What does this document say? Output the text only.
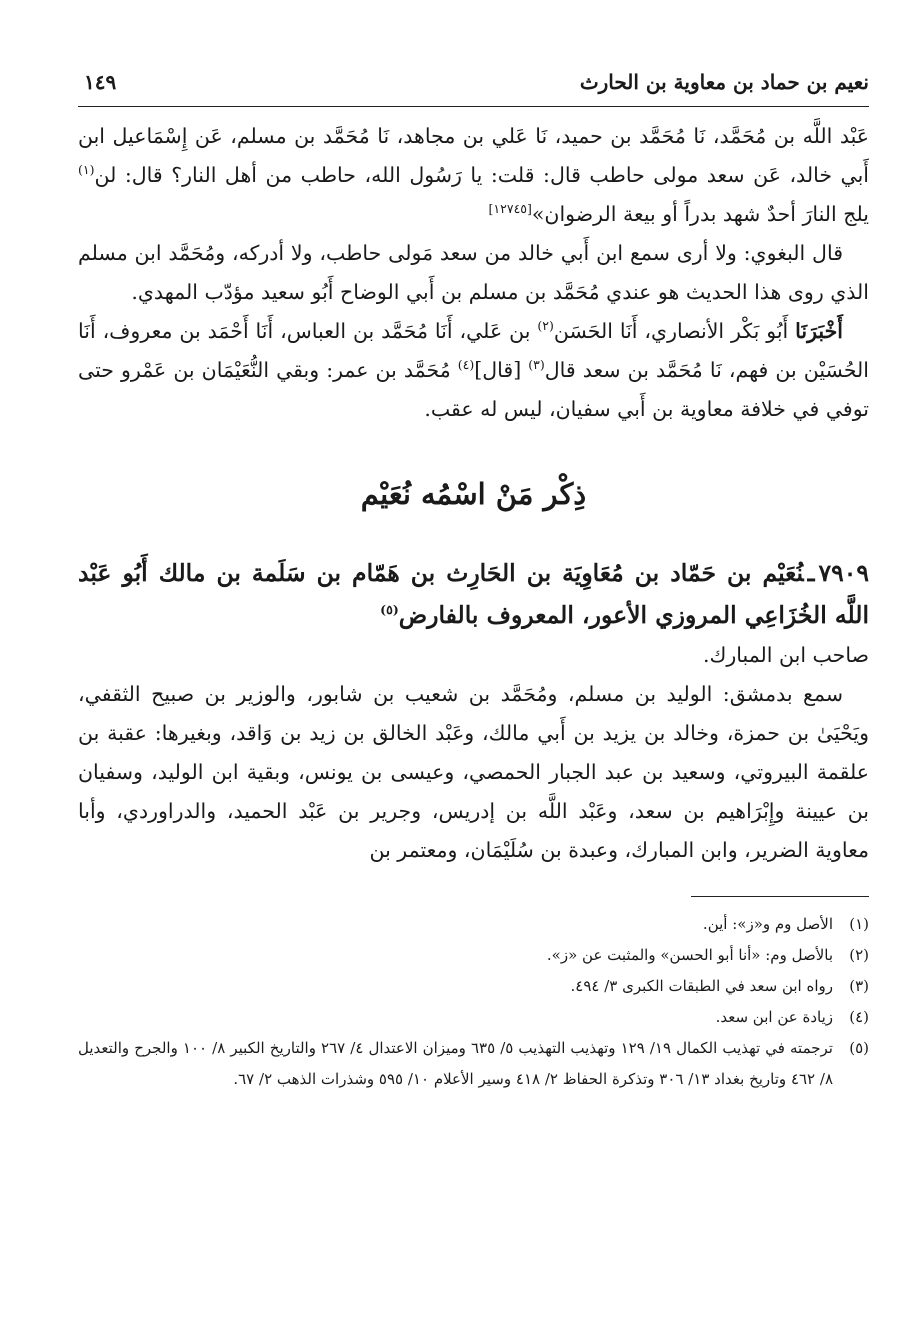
نعيم بن حماد بن معاوية بن الحارث
١٤٩

عَبْد اللَّه بن مُحَمَّد، نَا مُحَمَّد بن حميد، نَا عَلي بن مجاهد، نَا مُحَمَّد بن مسلم، عَن إِسْمَاعيل ابن أَبي خالد، عَن سعد مولى حاطب قال: قلت: يا رَسُول الله، حاطب من أهل النار؟ قال: لن$^{(١)}$ يلج النارَ أحدٌ شهد بدراً أو بيعة الرضوان»[١٢٧٤٥]

قال البغوي: ولا أرى سمع ابن أَبي خالد من سعد مَولى حاطب، ولا أدركه، ومُحَمَّد ابن مسلم الذي روى هذا الحديث هو عندي مُحَمَّد بن مسلم بن أَبي الوضاح أَبُو سعيد مؤدّب المهدي.

أَخْبَرَنَا أَبُو بَكْر الأنصاري، أَنَا الحَسَن$^{(٢)}$ بن عَلي، أَنَا مُحَمَّد بن العباس، أَنَا أَحْمَد بن معروف، أَنَا الحُسَيْن بن فهم، نَا مُحَمَّد بن سعد قال$^{(٣)}$ [قال]$^{(٤)}$ مُحَمَّد بن عمر: وبقي النُّعَيْمَان بن عَمْرو حتى توفي في خلافة معاوية بن أَبي سفيان، ليس له عقب.

ذِكْر مَنْ اسْمُه نُعَيْم

٧٩٠٩ـنُعَيْم بن حَمّاد بن مُعَاوِيَة بن الحَارِث بن هَمّام بن سَلَمة بن مالك أَبُو عَبْد اللَّه الخُزَاعِي المروزي الأعور، المعروف بالفارض$^{(٥)}$

صاحب ابن المبارك.

سمع بدمشق: الوليد بن مسلم، ومُحَمَّد بن شعيب بن شابور، والوزير بن صبيح الثقفي، ويَحْيَىٰ بن حمزة، وخالد بن يزيد بن أَبي مالك، وعَبْد الخالق بن زيد بن وَاقد، وبغيرها: عقبة بن علقمة البيروتي، وسعيد بن عبد الجبار الحمصي، وعيسى بن يونس، وبقية ابن الوليد، وسفيان بن عيينة وإِبْرَاهيم بن سعد، وعَبْد اللَّه بن إدريس، وجرير بن عَبْد الحميد، والدراوردي، وأبا معاوية الضرير، وابن المبارك، وعبدة بن سُلَيْمَان، ومعتمر بن

(١)
الأصل وم و«ز»: أين.
(٢)
بالأصل وم: «أنا أبو الحسن» والمثبت عن «ز».
(٣)
رواه ابن سعد في الطبقات الكبرى ٣/ ٤٩٤.
(٤)
زيادة عن ابن سعد.
(٥)
ترجمته في تهذيب الكمال ١٩/ ١٢٩ وتهذيب التهذيب ٥/ ٦٣٥ وميزان الاعتدال ٤/ ٢٦٧ والتاريخ الكبير ٨/ ١٠٠ والجرح والتعديل ٨/ ٤٦٢ وتاريخ بغداد ١٣/ ٣٠٦ وتذكرة الحفاظ ٢/ ٤١٨ وسير الأعلام ١٠/ ٥٩٥ وشذرات الذهب ٢/ ٦٧.
